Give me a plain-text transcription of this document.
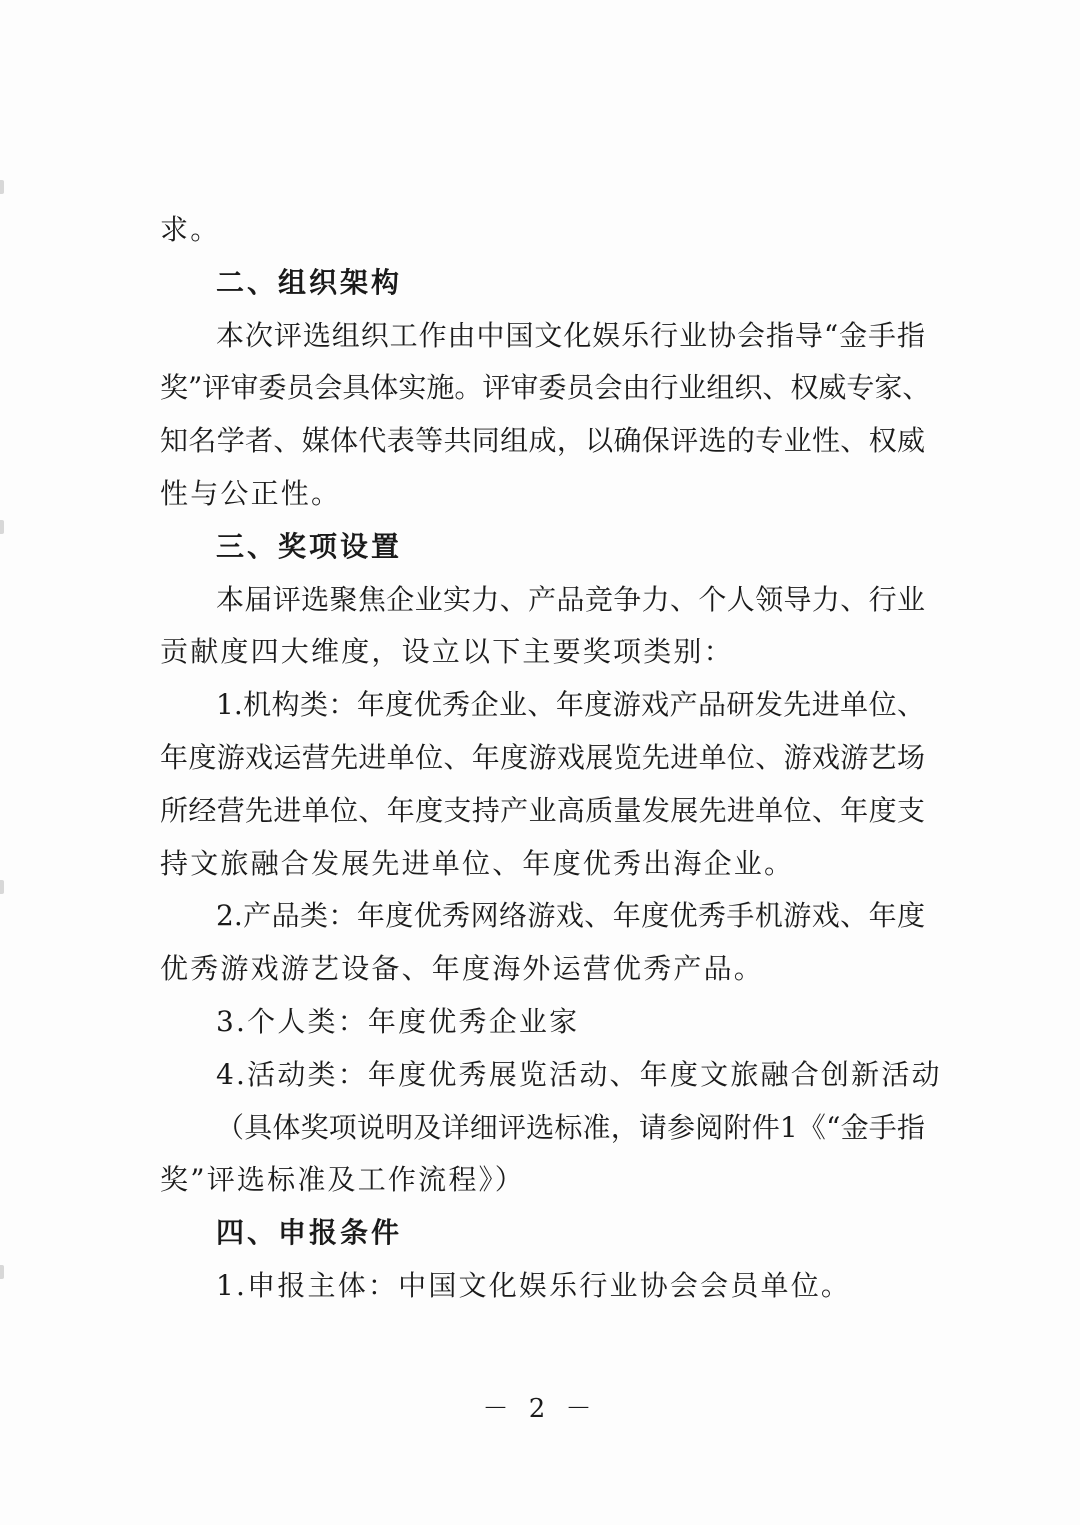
求。

二、组织架构

本次评选组织工作由中国文化娱乐行业协会指导“金手指

奖”评审委员会具体实施。评审委员会由行业组织、权威专家、

知名学者、媒体代表等共同组成，以确保评选的专业性、权威

性与公正性。

三、奖项设置

本届评选聚焦企业实力、产品竞争力、个人领导力、行业

贡献度四大维度，设立以下主要奖项类别：

1.机构类：年度优秀企业、年度游戏产品研发先进单位、

年度游戏运营先进单位、年度游戏展览先进单位、游戏游艺场

所经营先进单位、年度支持产业高质量发展先进单位、年度支

持文旅融合发展先进单位、年度优秀出海企业。

2.产品类：年度优秀网络游戏、年度优秀手机游戏、年度

优秀游戏游艺设备、年度海外运营优秀产品。

3.个人类：年度优秀企业家

4.活动类：年度优秀展览活动、年度文旅融合创新活动

（具体奖项说明及详细评选标准，请参阅附件1《“金手指

奖”评选标准及工作流程》）

四、申报条件

1.申报主体：中国文化娱乐行业协会会员单位。

－ 2 －
